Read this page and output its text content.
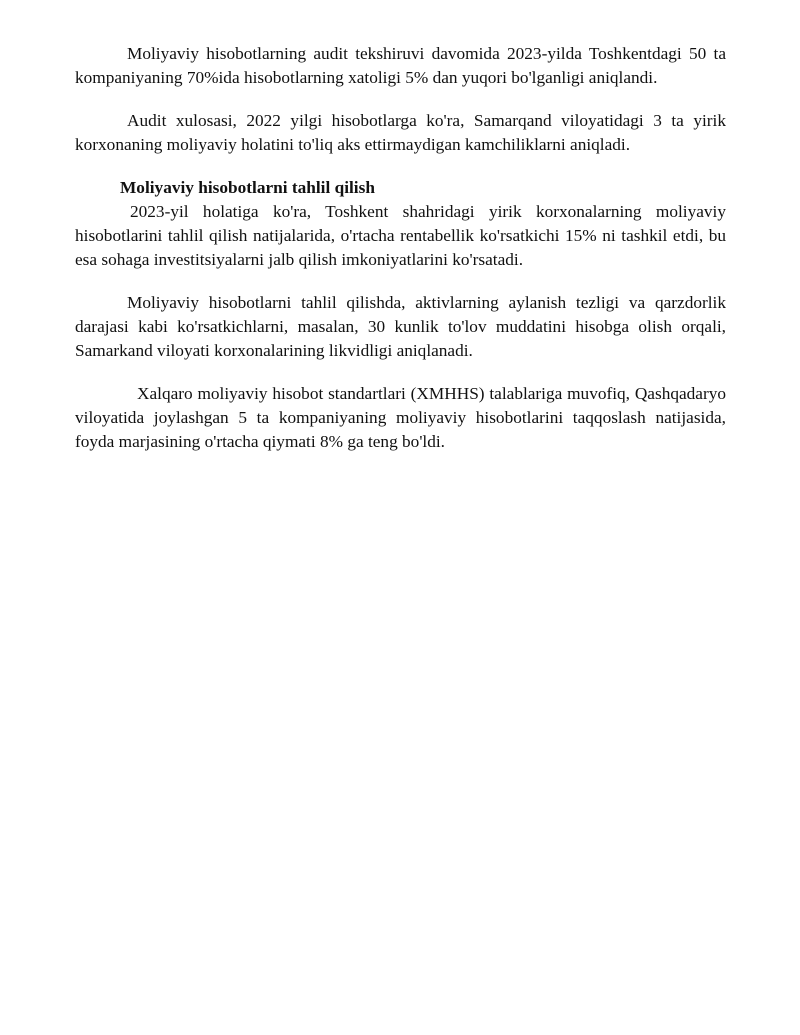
Moliyaviy hisobotlarning audit tekshiruvi davomida 2023-yilda Toshkentdagi 50 ta kompaniyaning 70%ida hisobotlarning xatoligi 5% dan yuqori bo'lganligi aniqlandi.

Audit xulosasi, 2022 yilgi hisobotlarga ko'ra, Samarqand viloyatidagi 3 ta yirik korxonaning moliyaviy holatini to'liq aks ettirmaydigan kamchiliklarni aniqladi.

Moliyaviy hisobotlarni tahlil qilish

2023-yil holatiga ko'ra, Toshkent shahridagi yirik korxonalarning moliyaviy hisobotlarini tahlil qilish natijalarida, o'rtacha rentabellik ko'rsatkichi 15% ni tashkil etdi, bu esa sohaga investitsiyalarni jalb qilish imkoniyatlarini ko'rsatadi.

Moliyaviy hisobotlarni tahlil qilishda, aktivlarning aylanish tezligi va qarzdorlik darajasi kabi ko'rsatkichlarni, masalan, 30 kunlik to'lov muddatini hisobga olish orqali, Samarkand viloyati korxonalarining likvidligi aniqlanadi.

Xalqaro moliyaviy hisobot standartlari (XMHHS) talablariga muvofiq, Qashqadaryo viloyatida joylashgan 5 ta kompaniyaning moliyaviy hisobotlarini taqqoslash natijasida, foyda marjasining o'rtacha qiymati 8% ga teng bo'ldi.
